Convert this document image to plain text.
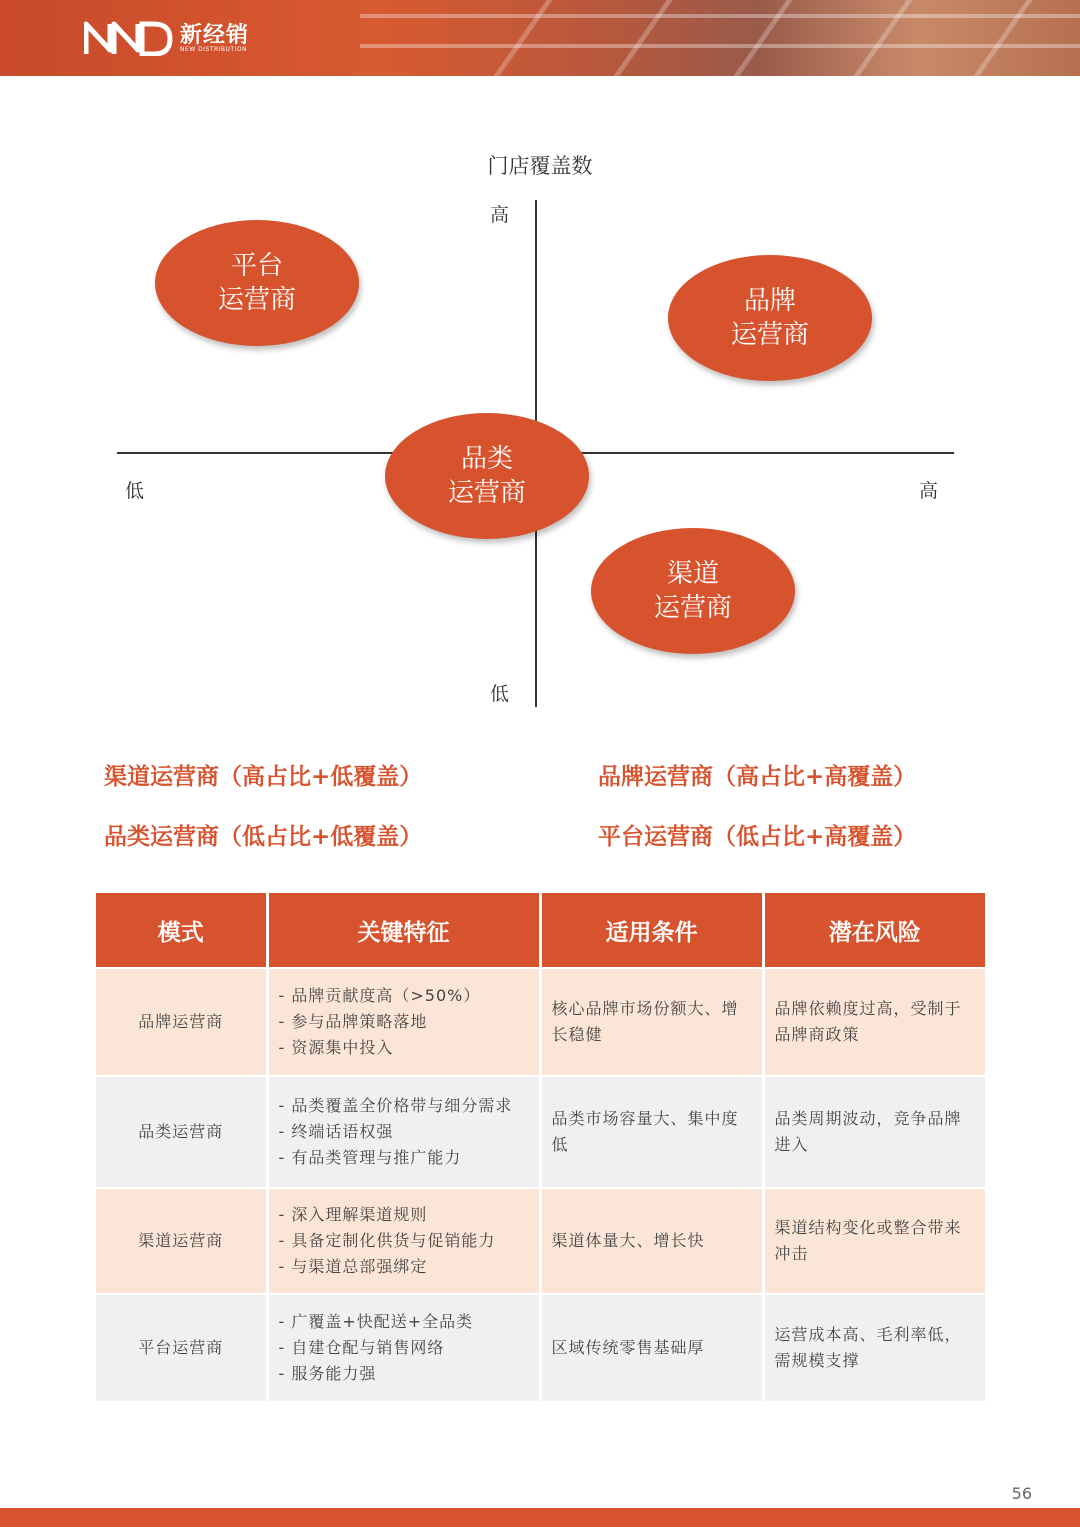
新经销
NEW DISTRIBUTION
门店覆盖数
高
低
低	高
平台
运营商	品牌
运营商
品类
运营商
渠道
运营商
渠道运营商（高占比+低覆盖）	品牌运营商（高占比+高覆盖）
品类运营商（低占比+低覆盖）	平台运营商（低占比+高覆盖）
模式	关键特征	适用条件	潜在风险
品牌运营商	- 品牌贡献度高（>50%）
- 参与品牌策略落地
- 资源集中投入	核心品牌市场份额大、增长稳健	品牌依赖度过高，受制于品牌商政策
品类运营商	- 品类覆盖全价格带与细分需求
- 终端话语权强
- 有品类管理与推广能力	品类市场容量大、集中度低	品类周期波动，竞争品牌进入
渠道运营商	- 深入理解渠道规则
- 具备定制化供货与促销能力
- 与渠道总部强绑定	渠道体量大、增长快	渠道结构变化或整合带来冲击
平台运营商	- 广覆盖+快配送+全品类
- 自建仓配与销售网络
- 服务能力强	区域传统零售基础厚	运营成本高、毛利率低，需规模支撑
56
